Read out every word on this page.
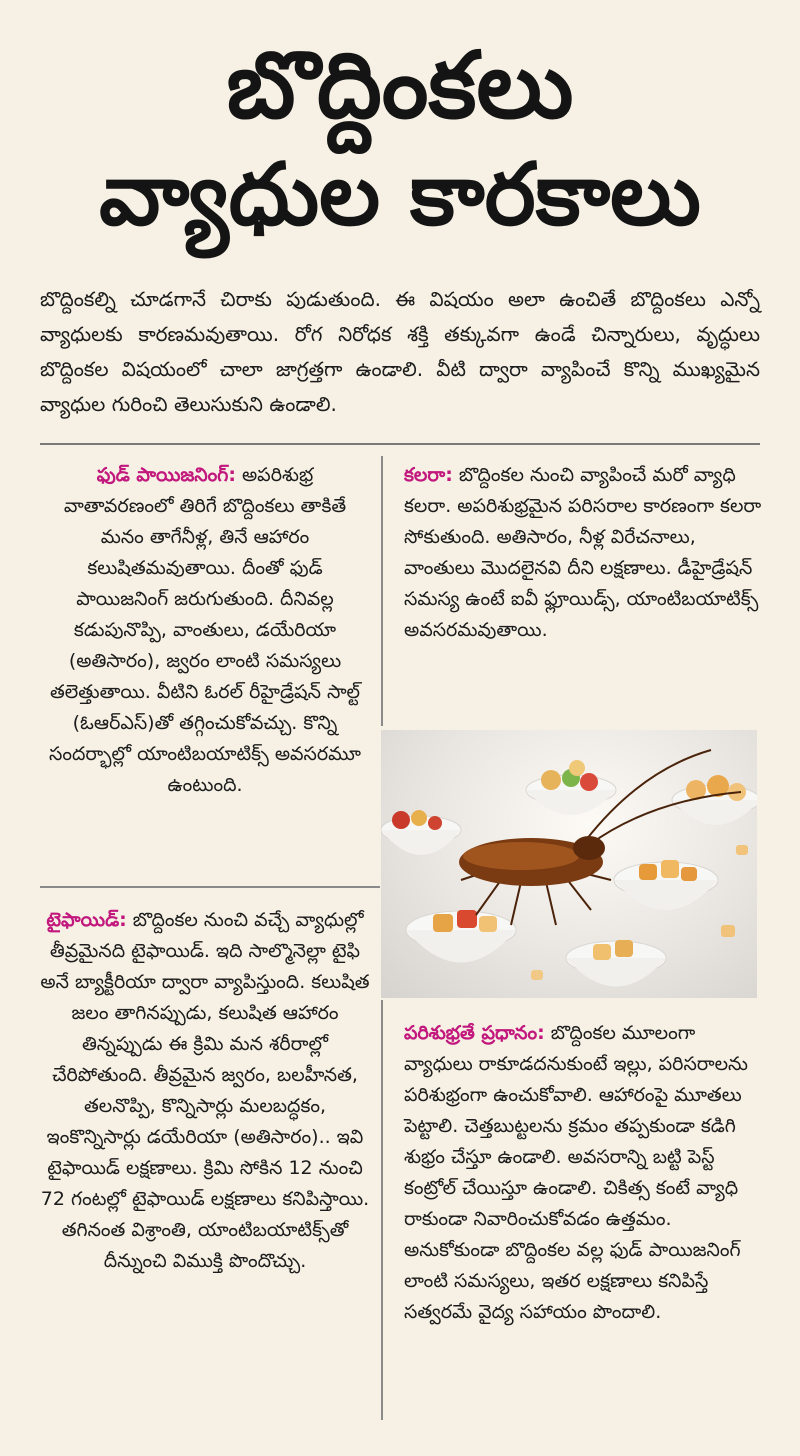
బొద్దింకలు
వ్యాధుల కారకాలు

బొద్దింకల్ని చూడగానే చిరాకు పుడుతుంది. ఈ విషయం అలా ఉంచితే బొద్దింకలు ఎన్నో వ్యాధులకు కారణమవుతాయి. రోగ నిరోధక శక్తి తక్కువగా ఉండే చిన్నారులు, వృద్ధులు బొద్దింకల విషయంలో చాలా జాగ్రత్తగా ఉండాలి. వీటి ద్వారా వ్యాపించే కొన్ని ముఖ్యమైన వ్యాధుల గురించి తెలుసుకుని ఉండాలి.

ఫుడ్ పాయిజనింగ్: అపరిశుభ్ర వాతావరణంలో తిరిగే బొద్దింకలు తాకితే మనం తాగేనీళ్ల, తినే ఆహారం కలుషితమవుతాయి. దీంతో ఫుడ్ పాయిజనింగ్ జరుగుతుంది. దీనివల్ల కడుపునొప్పి, వాంతులు, డయేరియా (అతిసారం), జ్వరం లాంటి సమస్యలు తలెత్తుతాయి. వీటిని ఓరల్ రీహైడ్రేషన్ సాల్ట్ (ఓఆర్ఎస్)తో తగ్గించుకోవచ్చు. కొన్ని సందర్భాల్లో యాంటిబయాటిక్స్ అవసరమూ ఉంటుంది.

కలరా: బొద్దింకల నుంచి వ్యాపించే మరో వ్యాధి కలరా. అపరిశుభ్రమైన పరిసరాల కారణంగా కలరా సోకుతుంది. అతిసారం, నీళ్ల విరేచనాలు, వాంతులు మొదలైనవి దీని లక్షణాలు. డీహైడ్రేషన్ సమస్య ఉంటే ఐవీ ఫ్లూయిడ్స్, యాంటిబయాటిక్స్ అవసరమవుతాయి.

టైఫాయిడ్: బొద్దింకల నుంచి వచ్చే వ్యాధుల్లో తీవ్రమైనది టైఫాయిడ్. ఇది సాల్మొనెల్లా టైఫి అనే బ్యాక్టీరియా ద్వారా వ్యాపిస్తుంది. కలుషిత జలం తాగినప్పుడు, కలుషిత ఆహారం తిన్నప్పుడు ఈ క్రిమి మన శరీరాల్లో చేరిపోతుంది. తీవ్రమైన జ్వరం, బలహీనత, తలనొప్పి, కొన్నిసార్లు మలబద్ధకం, ఇంకొన్నిసార్లు డయేరియా (అతిసారం).. ఇవి టైఫాయిడ్ లక్షణాలు. క్రిమి సోకిన 12 నుంచి 72 గంటల్లో టైఫాయిడ్ లక్షణాలు కనిపిస్తాయి. తగినంత విశ్రాంతి, యాంటిబయాటిక్స్‌తో దీన్నుంచి విముక్తి పొందొచ్చు.

పరిశుభ్రతే ప్రధానం: బొద్దింకల మూలంగా వ్యాధులు రాకూడదనుకుంటే ఇల్లు, పరిసరాలను పరిశుభ్రంగా ఉంచుకోవాలి. ఆహారంపై మూతలు పెట్టాలి. చెత్తబుట్టలను క్రమం తప్పకుండా కడిగి శుభ్రం చేస్తూ ఉండాలి. అవసరాన్ని బట్టి పెస్ట్ కంట్రోల్ చేయిస్తూ ఉండాలి. చికిత్స కంటే వ్యాధి రాకుండా నివారించుకోవడం ఉత్తమం. అనుకోకుండా బొద్దింకల వల్ల ఫుడ్ పాయిజనింగ్ లాంటి సమస్యలు, ఇతర లక్షణాలు కనిపిస్తే సత్వరమే వైద్య సహాయం పొందాలి.
